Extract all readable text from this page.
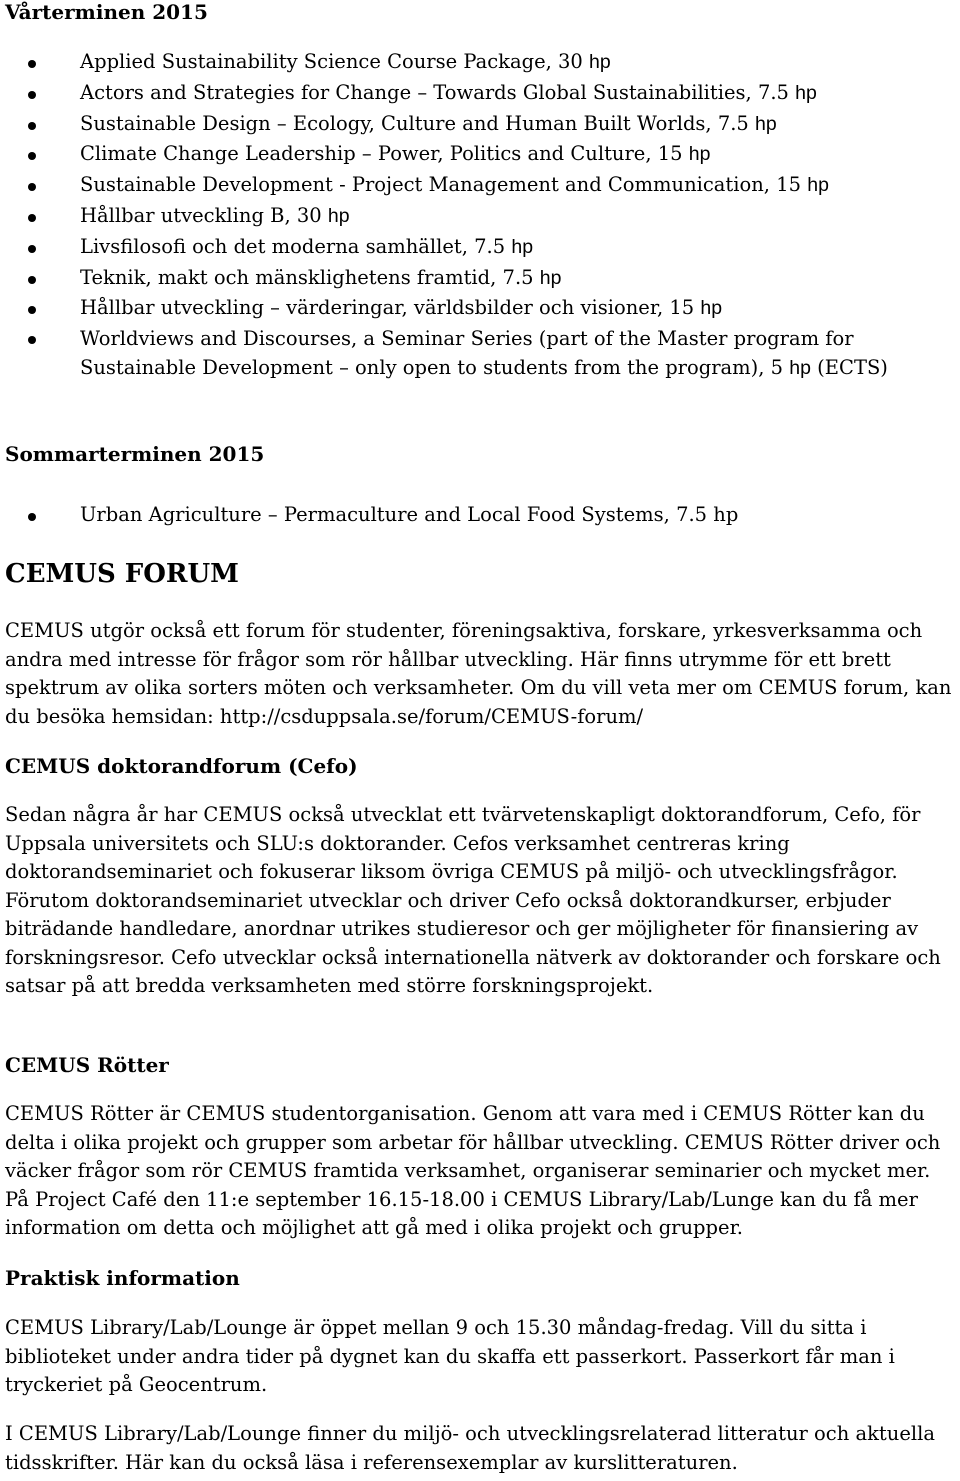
Vårterminen 2015
Applied Sustainability Science Course Package, 30 hp
Actors and Strategies for Change – Towards Global Sustainabilities, 7.5 hp
Sustainable Design – Ecology, Culture and Human Built Worlds, 7.5 hp
Climate Change Leadership – Power, Politics and Culture, 15 hp
Sustainable Development - Project Management and Communication, 15 hp
Hållbar utveckling B, 30 hp
Livsfilosofi och det moderna samhället, 7.5 hp
Teknik, makt och mänsklighetens framtid, 7.5 hp
Hållbar utveckling – värderingar, världsbilder och visioner, 15 hp
Worldviews and Discourses, a Seminar Series (part of the Master program for Sustainable Development – only open to students from the program), 5 hp (ECTS)
Sommarterminen 2015
Urban Agriculture – Permaculture and Local Food Systems, 7.5 hp
CEMUS FORUM

CEMUS utgör också ett forum för studenter, föreningsaktiva, forskare, yrkesverksamma och andra med intresse för frågor som rör hållbar utveckling. Här finns utrymme för ett brett spektrum av olika sorters möten och verksamheter. Om du vill veta mer om CEMUS forum, kan du besöka hemsidan: http://csduppsala.se/forum/CEMUS-forum/

CEMUS doktorandforum (Cefo)

Sedan några år har CEMUS också utvecklat ett tvärvetenskapligt doktorandforum, Cefo, för Uppsala universitets och SLU:s doktorander. Cefos verksamhet centreras kring doktorandseminariet och fokuserar liksom övriga CEMUS på miljö- och utvecklingsfrågor. Förutom doktorandseminariet utvecklar och driver Cefo också doktorandkurser, erbjuder biträdande handledare, anordnar utrikes studieresor och ger möjligheter för finansiering av forskningsresor. Cefo utvecklar också internationella nätverk av doktorander och forskare och satsar på att bredda verksamheten med större forskningsprojekt.

CEMUS Rötter

CEMUS Rötter är CEMUS studentorganisation. Genom att vara med i CEMUS Rötter kan du delta i olika projekt och grupper som arbetar för hållbar utveckling. CEMUS Rötter driver och väcker frågor som rör CEMUS framtida verksamhet, organiserar seminarier och mycket mer. På Project Café den 11:e september 16.15-18.00 i CEMUS Library/Lab/Lunge kan du få mer information om detta och möjlighet att gå med i olika projekt och grupper.

Praktisk information

CEMUS Library/Lab/Lounge är öppet mellan 9 och 15.30 måndag-fredag. Vill du sitta i biblioteket under andra tider på dygnet kan du skaffa ett passerkort. Passerkort får man i tryckeriet på Geocentrum.

I CEMUS Library/Lab/Lounge finner du miljö- och utvecklingsrelaterad litteratur och aktuella tidsskrifter. Här kan du också läsa i referensexemplar av kurslitteraturen.
